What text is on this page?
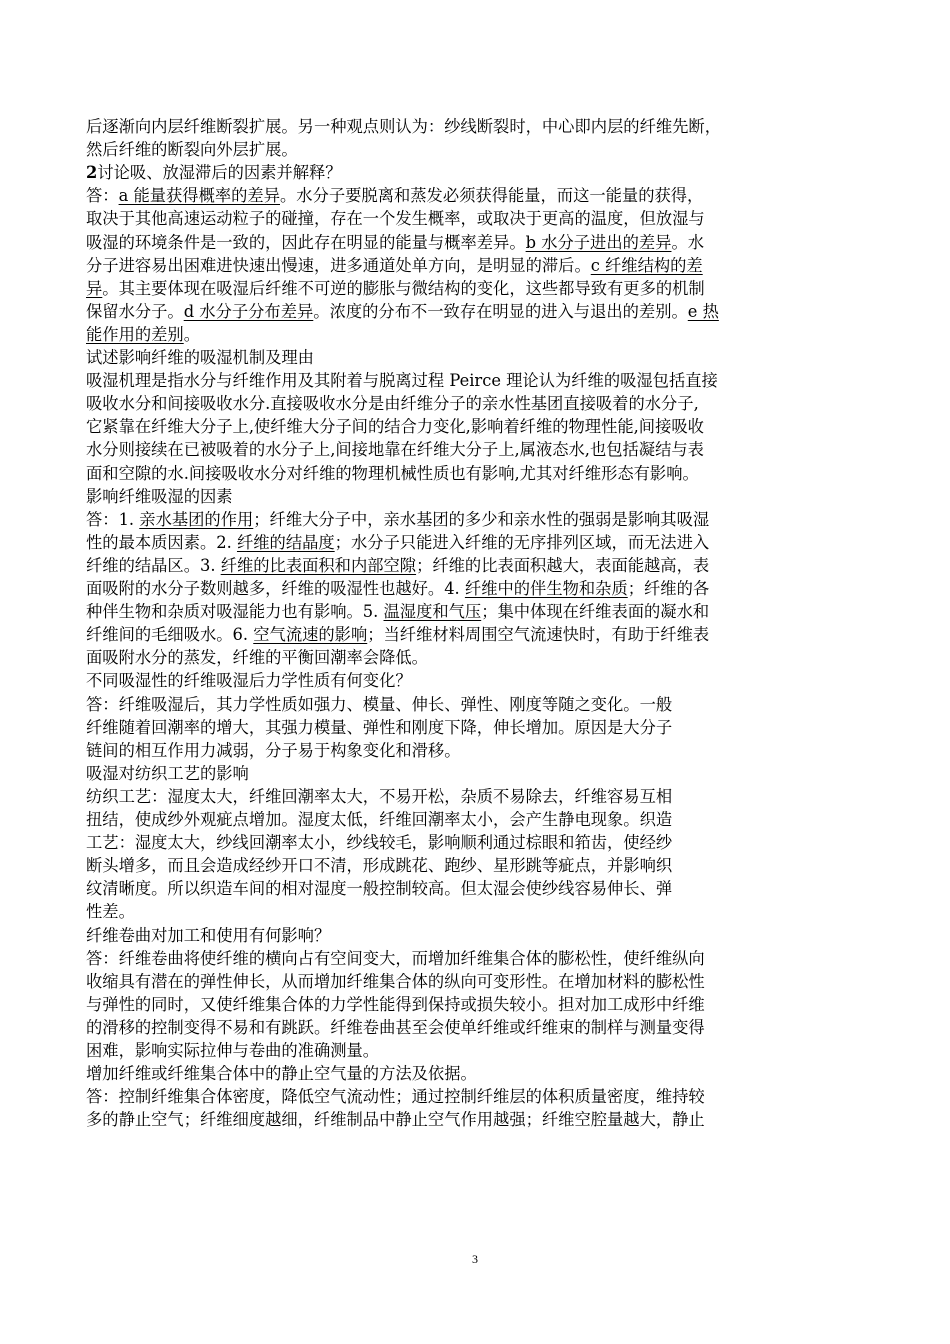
后逐渐向内层纤维断裂扩展。另一种观点则认为：纱线断裂时，中心即内层的纤维先断，

然后纤维的断裂向外层扩展。

2讨论吸、放湿滞后的因素并解释？

答：a 能量获得概率的差异。水分子要脱离和蒸发必须获得能量，而这一能量的获得，

取决于其他高速运动粒子的碰撞，存在一个发生概率，或取决于更高的温度，但放湿与

吸湿的环境条件是一致的，因此存在明显的能量与概率差异。b 水分子进出的差异。水

分子进容易出困难进快速出慢速，进多通道处单方向，是明显的滞后。c 纤维结构的差

异。其主要体现在吸湿后纤维不可逆的膨胀与微结构的变化，这些都导致有更多的机制

保留水分子。d 水分子分布差异。浓度的分布不一致存在明显的进入与退出的差别。e 热

能作用的差别。

试述影响纤维的吸湿机制及理由

吸湿机理是指水分与纤维作用及其附着与脱离过程 Peirce 理论认为纤维的吸湿包括直接

吸收水分和间接吸收水分.直接吸收水分是由纤维分子的亲水性基团直接吸着的水分子,

它紧靠在纤维大分子上,使纤维大分子间的结合力变化,影响着纤维的物理性能,间接吸收

水分则接续在已被吸着的水分子上,间接地靠在纤维大分子上,属液态水,也包括凝结与表

面和空隙的水.间接吸收水分对纤维的物理机械性质也有影响,尤其对纤维形态有影响。

影响纤维吸湿的因素

答：1. 亲水基团的作用；纤维大分子中，亲水基团的多少和亲水性的强弱是影响其吸湿

性的最本质因素。2. 纤维的结晶度；水分子只能进入纤维的无序排列区域，而无法进入

纤维的结晶区。3. 纤维的比表面积和内部空隙；纤维的比表面积越大，表面能越高，表

面吸附的水分子数则越多，纤维的吸湿性也越好。4. 纤维中的伴生物和杂质；纤维的各

种伴生物和杂质对吸湿能力也有影响。5. 温湿度和气压；集中体现在纤维表面的凝水和

纤维间的毛细吸水。6. 空气流速的影响；当纤维材料周围空气流速快时，有助于纤维表

面吸附水分的蒸发，纤维的平衡回潮率会降低。

不同吸湿性的纤维吸湿后力学性质有何变化？

答：纤维吸湿后，其力学性质如强力、模量、伸长、弹性、刚度等随之变化。一般

纤维随着回潮率的增大，其强力模量、弹性和刚度下降，伸长增加。原因是大分子

链间的相互作用力减弱，分子易于构象变化和滑移。

吸湿对纺织工艺的影响

纺织工艺：湿度太大，纤维回潮率太大，不易开松，杂质不易除去，纤维容易互相

扭结，使成纱外观疵点增加。湿度太低，纤维回潮率太小，会产生静电现象。织造

工艺：湿度太大，纱线回潮率太小，纱线较毛，影响顺利通过棕眼和筘齿，使经纱

断头增多，而且会造成经纱开口不清，形成跳花、跑纱、星形跳等疵点，并影响织

纹清晰度。所以织造车间的相对湿度一般控制较高。但太湿会使纱线容易伸长、弹

性差。

纤维卷曲对加工和使用有何影响？

答：纤维卷曲将使纤维的横向占有空间变大，而增加纤维集合体的膨松性，使纤维纵向

收缩具有潜在的弹性伸长，从而增加纤维集合体的纵向可变形性。在增加材料的膨松性

与弹性的同时，又使纤维集合体的力学性能得到保持或损失较小。担对加工成形中纤维

的滑移的控制变得不易和有跳跃。纤维卷曲甚至会使单纤维或纤维束的制样与测量变得

困难，影响实际拉伸与卷曲的准确测量。

增加纤维或纤维集合体中的静止空气量的方法及依据。

答：控制纤维集合体密度，降低空气流动性；通过控制纤维层的体积质量密度，维持较

多的静止空气；纤维细度越细，纤维制品中静止空气作用越强；纤维空腔量越大，静止

3
